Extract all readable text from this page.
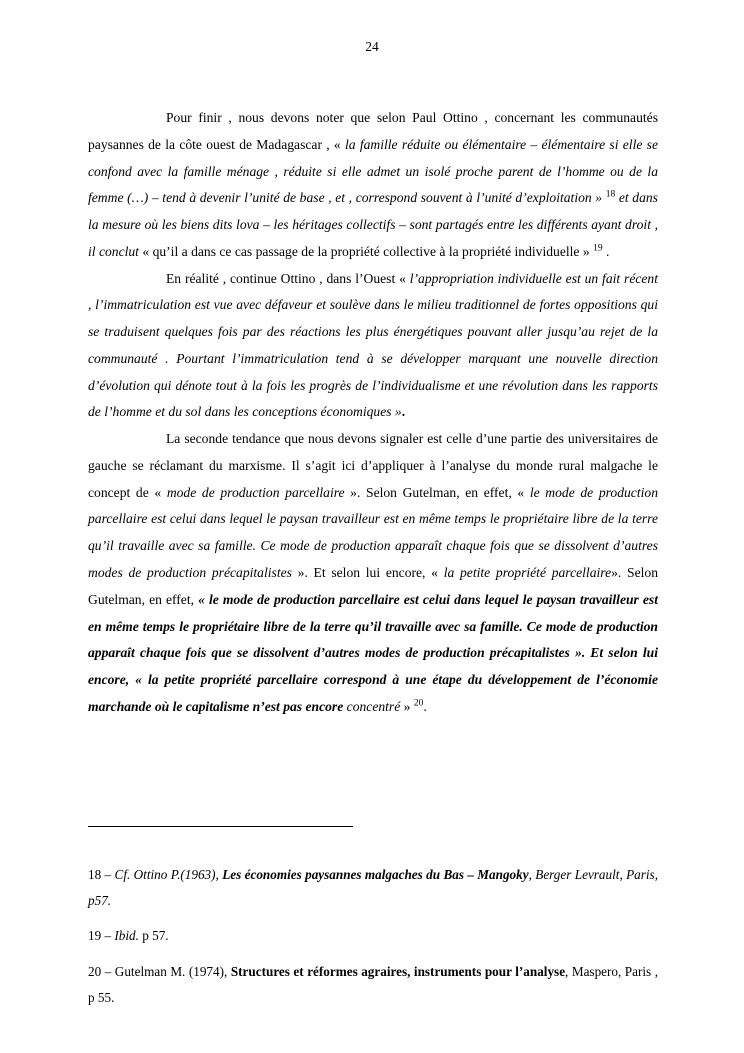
24

Pour finir , nous devons noter que selon Paul Ottino , concernant les communautés paysannes de la côte ouest de Madagascar , « la famille réduite ou élémentaire – élémentaire si elle se confond avec la famille ménage , réduite si elle admet un isolé proche parent de l’homme ou de la femme (…) – tend à devenir l’unité de base , et , correspond souvent à l’unité d’exploitation » $^{18}$ et dans la mesure où les biens dits lova – les héritages collectifs – sont partagés entre les différents ayant droit , il conclut « qu’il a dans ce cas passage de la propriété collective à la propriété individuelle » $^{19}$ .

En réalité , continue Ottino , dans l’Ouest « l’appropriation individuelle est un fait récent , l’immatriculation est vue avec défaveur et soulève dans le milieu traditionnel de fortes oppositions qui se traduisent quelques fois par des réactions les plus énergétiques pouvant aller jusqu’au rejet de la communauté . Pourtant l’immatriculation tend à se développer marquant une nouvelle direction d’évolution qui dénote tout à la fois les progrès de l’individualisme et une révolution dans les rapports de l’homme et du sol dans les conceptions économiques ».

La seconde tendance que nous devons signaler est celle d’une partie des universitaires de gauche se réclamant du marxisme. Il s’agit ici d’appliquer à l’analyse du monde rural malgache le concept de « mode de production parcellaire ». Selon Gutelman, en effet, « le mode de production parcellaire est celui dans lequel le paysan travailleur est en même temps le propriétaire libre de la terre qu’il travaille avec sa famille. Ce mode de production apparaît chaque fois que se dissolvent d’autres modes de production précapitalistes ». Et selon lui encore, « la petite propriété parcellaire». Selon Gutelman, en effet, « le mode de production parcellaire est celui dans lequel le paysan travailleur est en même temps le propriétaire libre de la terre qu’il travaille avec sa famille. Ce mode de production apparaît chaque fois que se dissolvent d’autres modes de production précapitalistes ». Et selon lui encore, « la petite propriété parcellaire correspond à une étape du développement de l’économie marchande où le capitalisme n’est pas encore concentré » $^{20}$.

18 – Cf. Ottino P.(1963), Les économies paysannes malgaches du Bas – Mangoky, Berger Levrault, Paris, p57.
19 – Ibid. p 57.
20 – Gutelman M. (1974), Structures et réformes agraires, instruments pour l’analyse, Maspero, Paris , p 55.
